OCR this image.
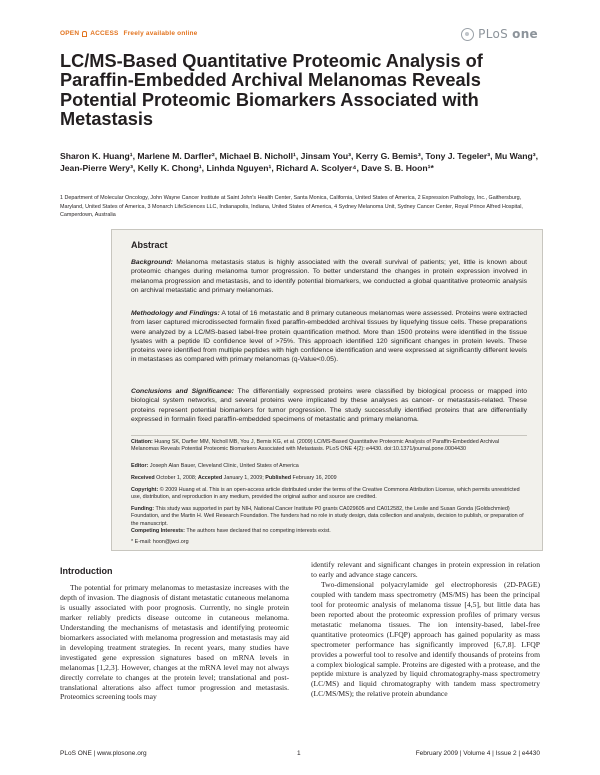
OPEN ACCESS Freely available online	PLoS one
LC/MS-Based Quantitative Proteomic Analysis of Paraffin-Embedded Archival Melanomas Reveals Potential Proteomic Biomarkers Associated with Metastasis
Sharon K. Huang¹, Marlene M. Darfler², Michael B. Nicholl¹, Jinsam You³, Kerry G. Bemis³, Tony J. Tegeler³, Mu Wang³, Jean-Pierre Wery³, Kelly K. Chong¹, Linhda Nguyen¹, Richard A. Scolyer⁴, Dave S. B. Hoon¹*
1 Department of Molecular Oncology, John Wayne Cancer Institute at Saint John's Health Center, Santa Monica, California, United States of America, 2 Expression Pathology, Inc., Gaithersburg, Maryland, United States of America, 3 Monarch LifeSciences LLC, Indianapolis, Indiana, United States of America, 4 Sydney Melanoma Unit, Sydney Cancer Center, Royal Prince Alfred Hospital, Camperdown, Australia
Abstract

Background: Melanoma metastasis status is highly associated with the overall survival of patients; yet, little is known about proteomic changes during melanoma tumor progression. To better understand the changes in protein expression involved in melanoma progression and metastasis, and to identify potential biomarkers, we conducted a global quantitative proteomic analysis on archival metastatic and primary melanomas.

Methodology and Findings: A total of 16 metastatic and 8 primary cutaneous melanomas were assessed. Proteins were extracted from laser captured microdissected formalin fixed paraffin-embedded archival tissues by liquefying tissue cells. These preparations were analyzed by a LC/MS-based label-free protein quantification method. More than 1500 proteins were identified in the tissue lysates with a peptide ID confidence level of >75%. This approach identified 120 significant changes in protein levels. These proteins were identified from multiple peptides with high confidence identification and were expressed at significantly different levels in metastases as compared with primary melanomas (q-Value<0.05).

Conclusions and Significance: The differentially expressed proteins were classified by biological process or mapped into biological system networks, and several proteins were implicated by these analyses as cancer- or metastasis-related. These proteins represent potential biomarkers for tumor progression. The study successfully identified proteins that are differentially expressed in formalin fixed paraffin-embedded specimens of metastatic and primary melanoma.

Citation: Huang SK, Darfler MM, Nicholl MB, You J, Bemis KG, et al. (2009) LC/MS-Based Quantitative Proteomic Analysis of Paraffin-Embedded Archival Melanomas Reveals Potential Proteomic Biomarkers Associated with Metastasis. PLoS ONE 4(2): e4430. doi:10.1371/journal.pone.0004430

Editor: Joseph Alan Bauer, Cleveland Clinic, United States of America

Received October 1, 2008; Accepted January 1, 2009; Published February 16, 2009

Copyright: © 2009 Huang et al. This is an open-access article distributed under the terms of the Creative Commons Attribution License, which permits unrestricted use, distribution, and reproduction in any medium, provided the original author and source are credited.

Funding: This study was supported in part by NIH, National Cancer Institute P0 grants CA029605 and CA012582, the Leslie and Susan Gonda (Goldschmied) Foundation, and the Martin H. Weil Research Foundation. The funders had no role in study design, data collection and analysis, decision to publish, or preparation of the manuscript.

Competing Interests: The authors have declared that no competing interests exist.

* E-mail: hoon@jwci.org

Introduction

The potential for primary melanomas to metastasize increases with the depth of invasion. The diagnosis of distant metastatic cutaneous melanoma is usually associated with poor prognosis. Currently, no single protein marker reliably predicts disease outcome in cutaneous melanoma. Understanding the mechanisms of metastasis and identifying proteomic biomarkers associated with melanoma progression and metastasis may aid in developing treatment strategies. In recent years, many studies have investigated gene expression signatures based on mRNA levels in melanomas [1,2,3]. However, changes at the mRNA level may not always directly correlate to changes at the protein level; translational and post-translational alterations also affect tumor progression and metastasis. Proteomics screening tools may

identify relevant and significant changes in protein expression in relation to early and advance stage cancers.

Two-dimensional polyacrylamide gel electrophoresis (2D-PAGE) coupled with tandem mass spectrometry (MS/MS) has been the principal tool for proteomic analysis of melanoma tissue [4,5], but little data has been reported about the proteomic expression profiles of primary versus metastatic melanoma tissues. The ion intensity-based, label-free quantitative proteomics (LFQP) approach has gained popularity as mass spectrometer performance has significantly improved [6,7,8]. LFQP provides a powerful tool to resolve and identify thousands of proteins from a complex biological sample. Proteins are digested with a protease, and the peptide mixture is analyzed by liquid chromatography-mass spectrometry (LC/MS) and liquid chromatography with tandem mass spectrometry (LC/MS/MS); the relative protein abundance

PLoS ONE | www.plosone.org	1	February 2009 | Volume 4 | Issue 2 | e4430
